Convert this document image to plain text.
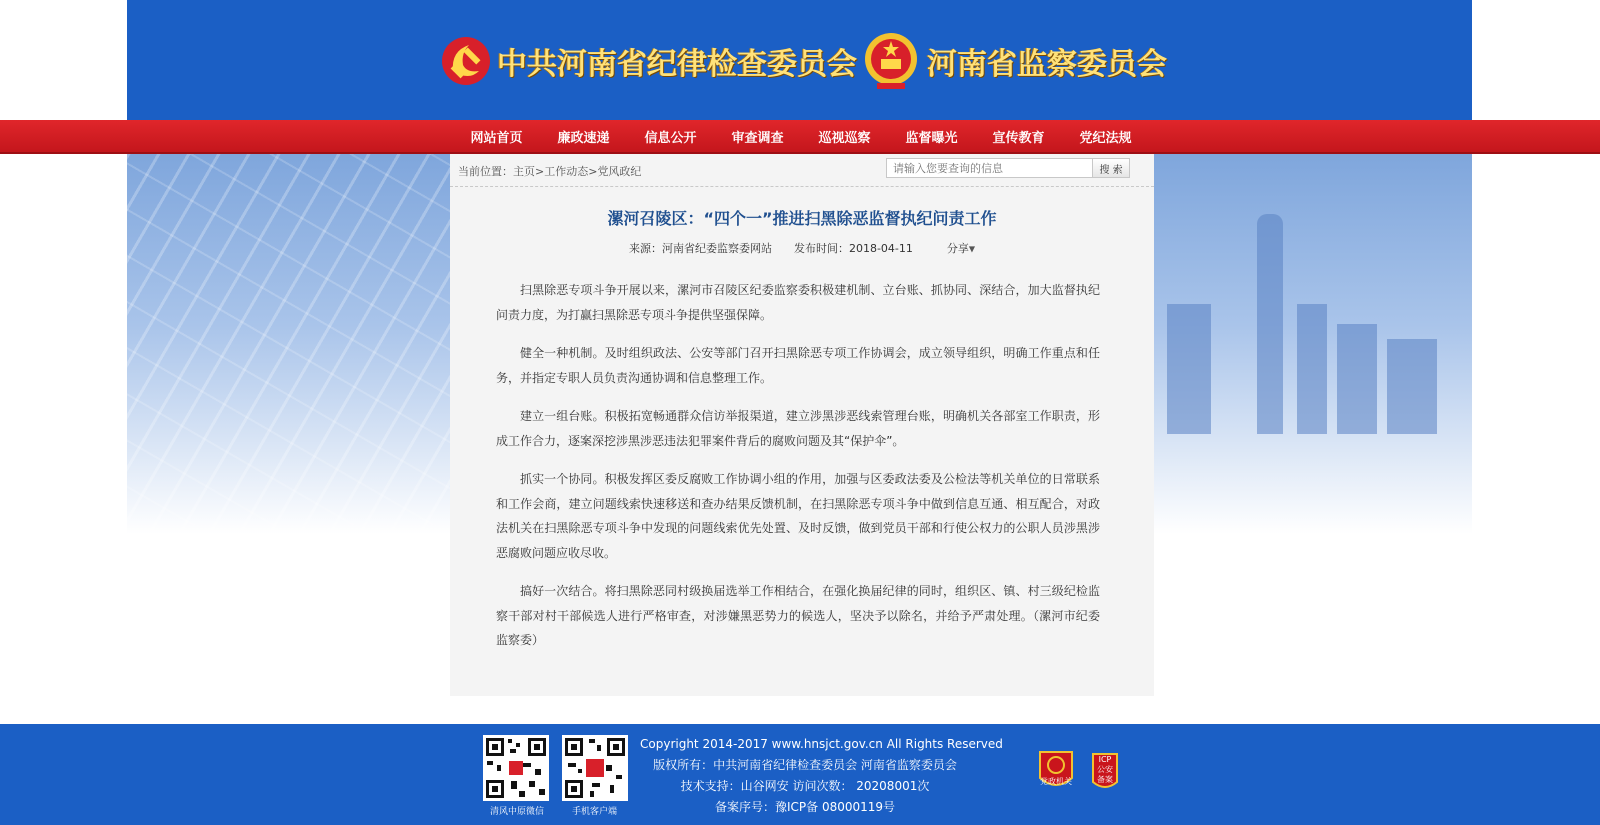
中共河南省纪律检查委员会 河南省监察委员会
网站首页	廉政速递	信息公开	审查调查	巡视巡察	监督曝光	宣传教育	党纪法规
当前位置：主页>工作动态>党风政纪
请输入您要查询的信息	搜 索
漯河召陵区：“四个一”推进扫黑除恶监督执纪问责工作
来源：河南省纪委监察委网站 发布时间：2018-04-11	分享▼

扫黑除恶专项斗争开展以来，漯河市召陵区纪委监察委积极建机制、立台账、抓协同、深结合，加大监督执纪问责力度，为打赢扫黑除恶专项斗争提供坚强保障。

健全一种机制。及时组织政法、公安等部门召开扫黑除恶专项工作协调会，成立领导组织，明确工作重点和任务，并指定专职人员负责沟通协调和信息整理工作。

建立一组台账。积极拓宽畅通群众信访举报渠道，建立涉黑涉恶线索管理台账，明确机关各部室工作职责，形成工作合力，逐案深挖涉黑涉恶违法犯罪案件背后的腐败问题及其“保护伞”。

抓实一个协同。积极发挥区委反腐败工作协调小组的作用，加强与区委政法委及公检法等机关单位的日常联系和工作会商，建立问题线索快速移送和查办结果反馈机制，在扫黑除恶专项斗争中做到信息互通、相互配合，对政法机关在扫黑除恶专项斗争中发现的问题线索优先处置、及时反馈，做到党员干部和行使公权力的公职人员涉黑涉恶腐败问题应收尽收。

搞好一次结合。将扫黑除恶同村级换届选举工作相结合，在强化换届纪律的同时，组织区、镇、村三级纪检监察干部对村干部候选人进行严格审查，对涉嫌黑恶势力的候选人，坚决予以除名，并给予严肃处理。（漯河市纪委监察委）

清风中原微信	手机客户端
Copyright 2014-2017 www.hnsjct.gov.cn All Rights Reserved
版权所有：中共河南省纪律检查委员会 河南省监察委员会
技术支持：山谷网安 访问次数： 20208001次
备案序号：豫ICP备 08000119号
党政机关
ICP
公安
备案
